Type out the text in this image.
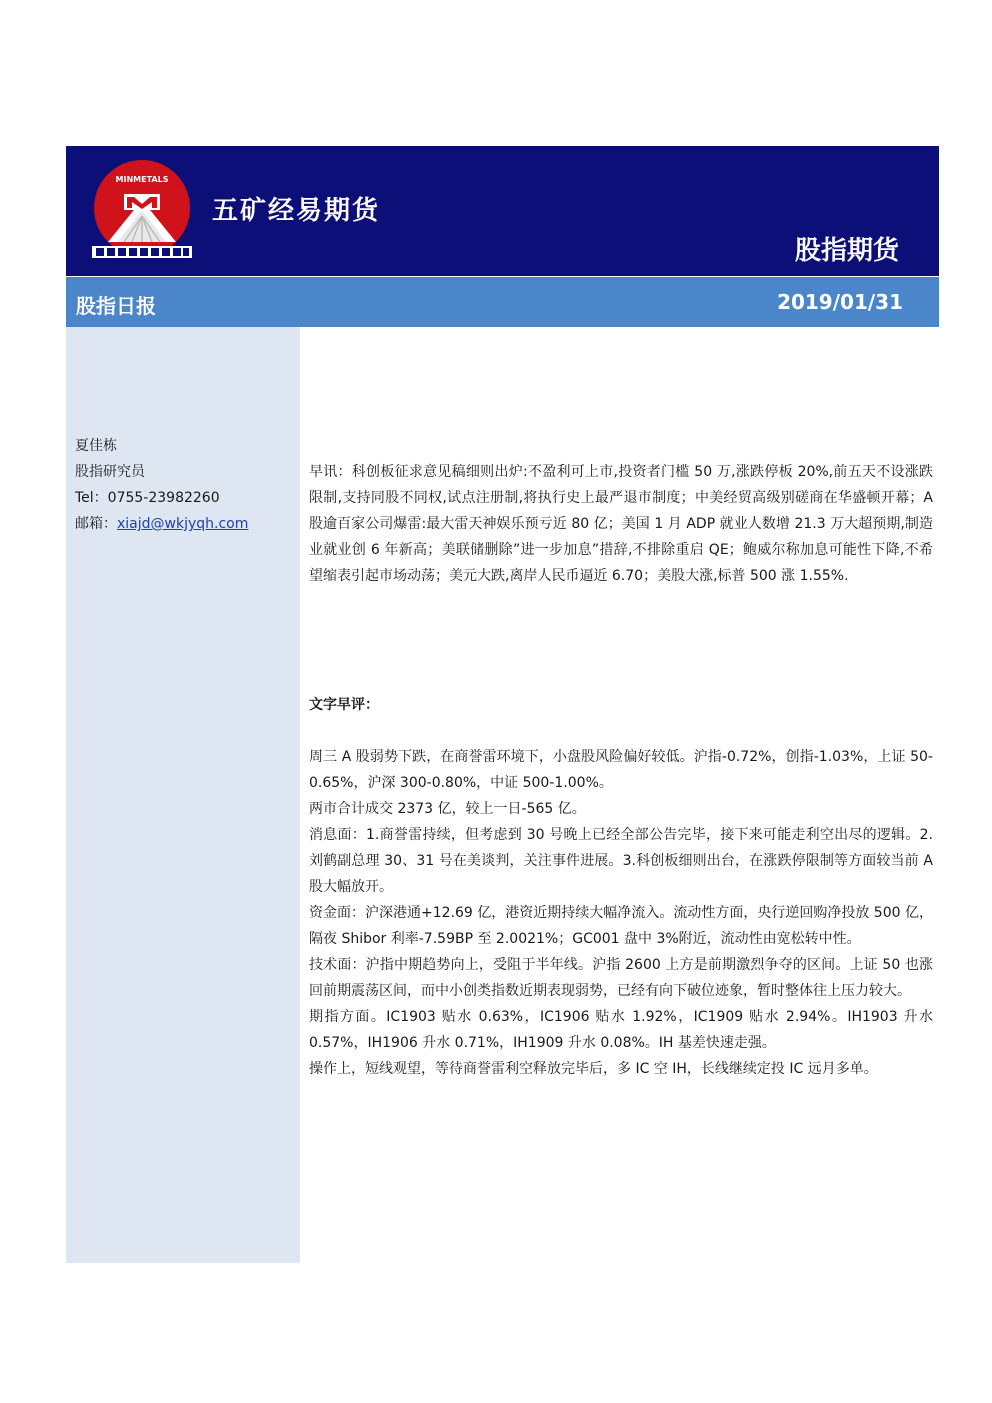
MINMETALS
五矿经易期货
股指期货
股指日报	2019/01/31
夏佳栋
股指研究员
Tel：0755-23982260
邮箱：xiajd@wkjyqh.com

早讯：科创板征求意见稿细则出炉:不盈利可上市,投资者门槛 50 万,涨跌停板 20%,前五天不设涨跌限制,支持同股不同权,试点注册制,将执行史上最严退市制度；中美经贸高级别磋商在华盛顿开幕；A 股逾百家公司爆雷:最大雷天神娱乐预亏近 80 亿；美国 1 月 ADP 就业人数增 21.3 万大超预期,制造业就业创 6 年新高；美联储删除”进一步加息”措辞,不排除重启 QE；鲍威尔称加息可能性下降,不希望缩表引起市场动荡；美元大跌,离岸人民币逼近 6.70；美股大涨,标普 500 涨 1.55%.

文字早评：

周三 A 股弱势下跌，在商誉雷环境下，小盘股风险偏好较低。沪指-0.72%，创指-1.03%，上证 50-0.65%，沪深 300-0.80%，中证 500-1.00%。

两市合计成交 2373 亿，较上一日-565 亿。

消息面：1.商誉雷持续，但考虑到 30 号晚上已经全部公告完毕，接下来可能走利空出尽的逻辑。2.刘鹤副总理 30、31 号在美谈判，关注事件进展。3.科创板细则出台，在涨跌停限制等方面较当前 A 股大幅放开。

资金面：沪深港通+12.69 亿，港资近期持续大幅净流入。流动性方面，央行逆回购净投放 500 亿，隔夜 Shibor 利率-7.59BP 至 2.0021%；GC001 盘中 3%附近，流动性由宽松转中性。

技术面：沪指中期趋势向上，受阻于半年线。沪指 2600 上方是前期激烈争夺的区间。上证 50 也涨回前期震荡区间，而中小创类指数近期表现弱势，已经有向下破位迹象，暂时整体往上压力较大。

期指方面。IC1903 贴水 0.63%，IC1906 贴水 1.92%，IC1909 贴水 2.94%。IH1903 升水 0.57%，IH1906 升水 0.71%，IH1909 升水 0.08%。IH 基差快速走强。

操作上，短线观望，等待商誉雷利空释放完毕后，多 IC 空 IH，长线继续定投 IC 远月多单。
